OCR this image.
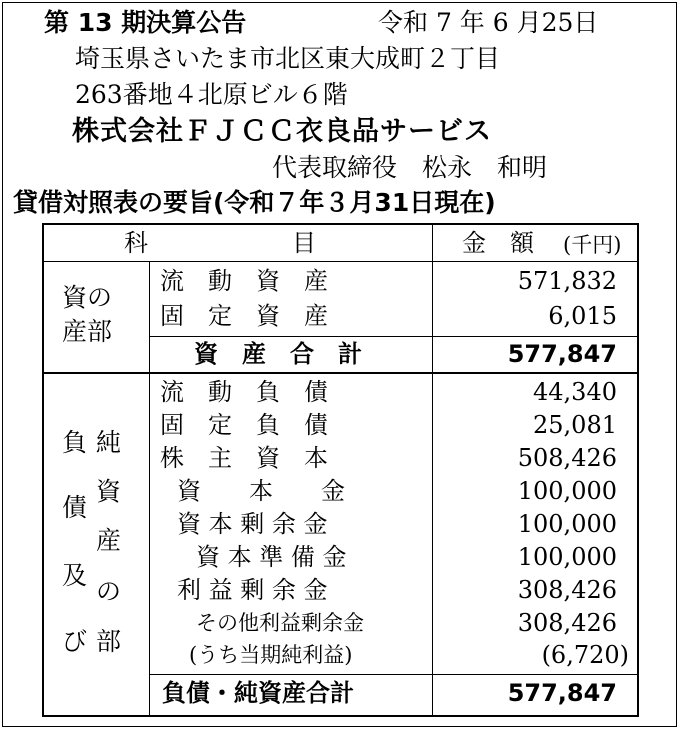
第 13 期決算公告	令和 7 年 6 月25日
埼玉県さいたま市北区東大成町２丁目
263番地４北原ビル６階
株式会社ＦＪＣＣ衣良品サービス
代表取締役　松永　和明
貸借対照表の要旨(令和７年３月31日現在)
科　　　　　　目	金　額 (千円)
資の
産部
流　動　資　産	571,832
固　定　資　産	6,015
資　産　合　計	577,847
負
債
及
び
純
資
産
の
部
流　動　負　債	44,340
固　定　負　債	25,081
株　主　資　本	508,426
資　　本　　金	100,000
資 本 剰 余 金	100,000
資 本 準 備 金	100,000
利 益 剰 余 金	308,426
その他利益剰余金	308,426
(うち当期純利益)	(6,720)
負債・純資産合計	577,847
